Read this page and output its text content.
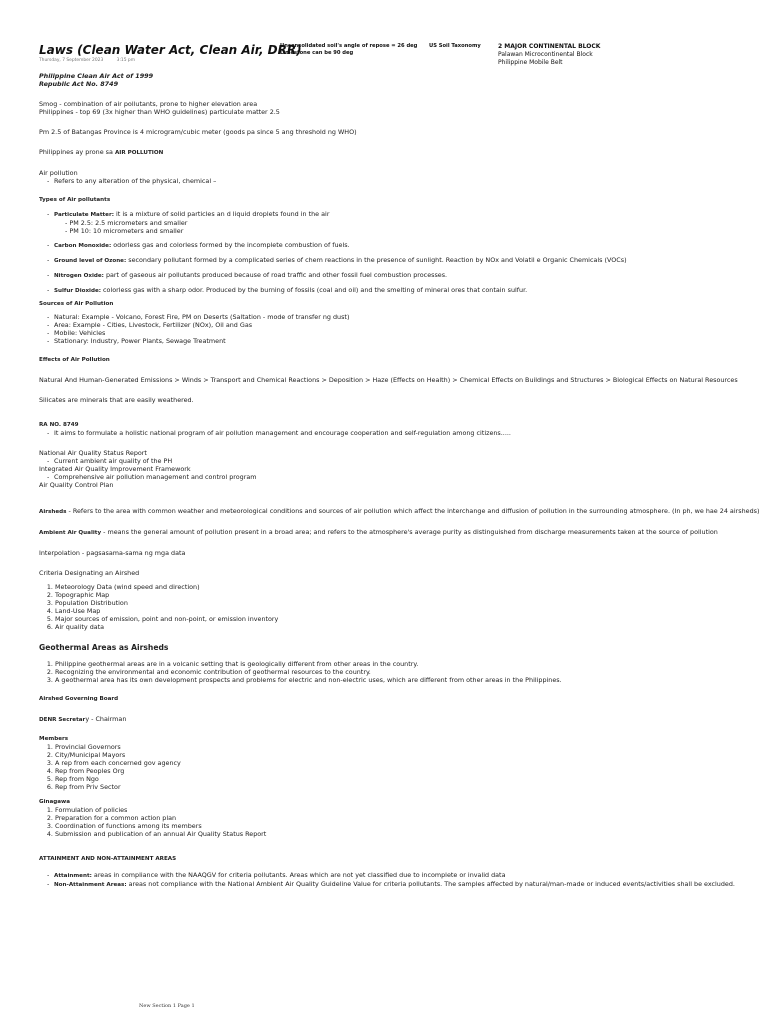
Laws (Clean Water Act, Clean Air, DRR)
Thursday, 7 September 2023	3:15 pm
Unconsolidated soil's angle of repose = 26 deg
Limestone can be 90 deg
US Soil Taxonomy	2 MAJOR CONTINENTAL BLOCK
Palawan Microcontinental Block
Philippine Mobile Belt

Philippine Clean Air Act of 1999

Republic Act No. 8749

Smog - combination of air pollutants, prone to higher elevation area

Philippines - top 69 (3x higher than WHO guidelines) particulate matter 2.5

Pm 2.5 of Batangas Province is 4 microgram/cubic meter (goods pa since 5 ang threshold ng WHO)

Philippines ay prone sa AIR POLLUTION

Air pollution

- Refers to any alteration of the physical, chemical –

Types of Air pollutants

- Particulate Matter: it is a mixture of solid particles an d liquid droplets found in the air

- PM 2.5: 2.5 micrometers and smaller

- PM 10: 10 micrometers and smaller

- Carbon Monoxide: odorless gas and colorless formed by the incomplete combustion of fuels.
- Ground level of Ozone: secondary pollutant formed by a complicated series of chem reactions in the presence of sunlight. Reaction by NOx and Volatil e Organic Chemicals (VOCs)
- Nitrogen Oxide: part of gaseous air pollutants produced because of road traffic and other fossil fuel combustion processes.
- Sulfur Dioxide: colorless gas with a sharp odor. Produced by the burning of fossils (coal and oil) and the smelting of mineral ores that contain sulfur.

Sources of Air Pollution

- Natural: Example - Volcano, Forest Fire, PM on Deserts (Saltation - mode of transfer ng dust)
- Area: Example - Cities, Livestock, Fertilizer (NOx), Oil and Gas
- Mobile: Vehicles
- Stationary: Industry, Power Plants, Sewage Treatment

Effects of Air Pollution

Natural And Human-Generated Emissions > Winds > Transport and Chemical Reactions > Deposition > Haze (Effects on Health) > Chemical Effects on Buildings and Structures > Biological Effects on Natural Resources

Silicates are minerals that are easily weathered.

RA NO. 8749

- It aims to formulate a holistic national program of air pollution management and encourage cooperation and self-regulation among citizens.....

National Air Quality Status Report

- Current ambient air quality of the PH

Integrated Air Quality Improvement Framework

- Comprehensive air pollution management and control program

Air Quality Control Plan

Airsheds - Refers to the area with common weather and meteorological conditions and sources of air pollution which affect the interchange and diffusion of pollution in the surrounding atmosphere. (In ph, we hae 24 airsheds)

Ambient Air Quality - means the general amount of pollution present in a broad area; and refers to the atmosphere's average purity as distinguished from discharge measurements taken at the source of pollution

Interpolation - pagsasama-sama ng mga data

Criteria Designating an Airshed

1. Meteorology Data (wind speed and direction)
2. Topographic Map
3. Population Distribution
4. Land-Use Map
5. Major sources of emission, point and non-point, or emission inventory
6. Air quality data

Geothermal Areas as Airsheds

1. Philippine geothermal areas are in a volcanic setting that is geologically different from other areas in the country.
2. Recognizing the environmental and economic contribution of geothermal resources to the country.
3. A geothermal area has its own development prospects and problems for electric and non-electric uses, which are different from other areas in the Philippines.

Airshed Governing Board

DENR Secretary - Chairman

Members

1. Provincial Governors
2. City/Municipal Mayors
3. A rep from each concerned gov agency
4. Rep from Peoples Org
5. Rep from Ngo
6. Rep from Priv Sector

Ginagawa

1. Formulation of policies
2. Preparation for a common action plan
3. Coordination of functions among its members
4. Submission and publication of an annual Air Quality Status Report

ATTAINMENT AND NON-ATTAINMENT AREAS

- Attainment: areas in compliance with the NAAQGV for criteria pollutants. Areas which are not yet classified due to incomplete or invalid data
- Non-Attainment Areas: areas not compliance with the National Ambient Air Quality Guideline Value for criteria pollutants. The samples affected by natural/man-made or induced events/activities shall be excluded.
New Section 1 Page 1
